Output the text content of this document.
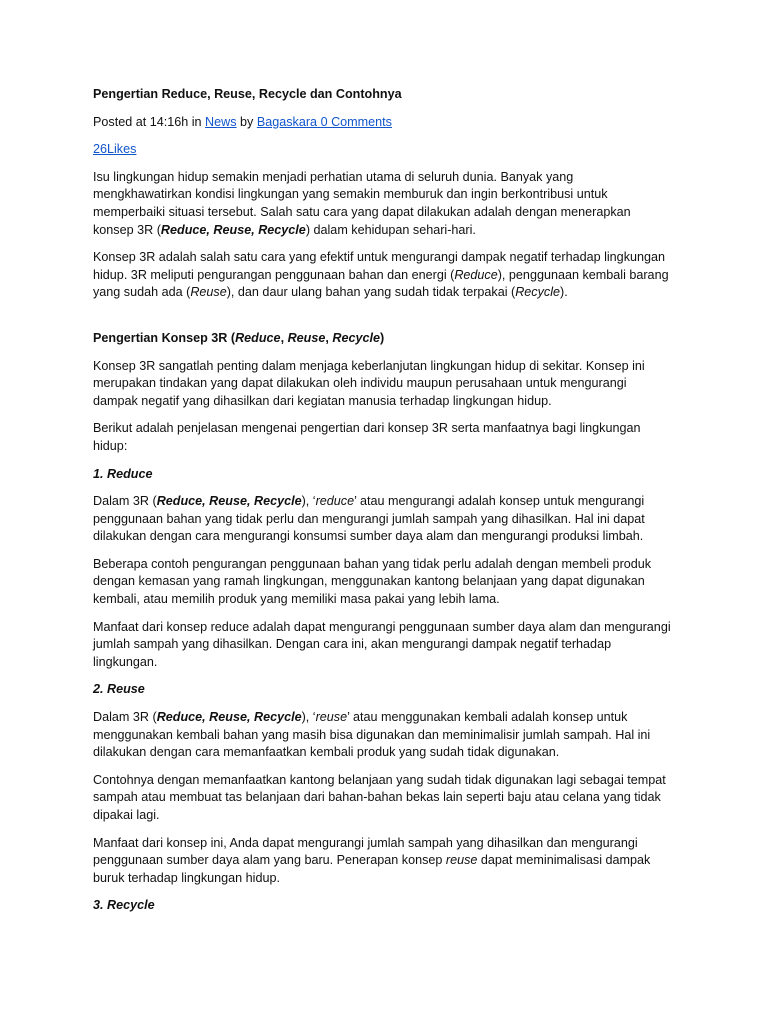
Pengertian Reduce, Reuse, Recycle dan Contohnya

Posted at 14:16h in News by Bagaskara 0 Comments

26Likes

Isu lingkungan hidup semakin menjadi perhatian utama di seluruh dunia. Banyak yang mengkhawatirkan kondisi lingkungan yang semakin memburuk dan ingin berkontribusi untuk memperbaiki situasi tersebut. Salah satu cara yang dapat dilakukan adalah dengan menerapkan konsep 3R (Reduce, Reuse, Recycle) dalam kehidupan sehari-hari.

Konsep 3R adalah salah satu cara yang efektif untuk mengurangi dampak negatif terhadap lingkungan hidup. 3R meliputi pengurangan penggunaan bahan dan energi (Reduce), penggunaan kembali barang yang sudah ada (Reuse), dan daur ulang bahan yang sudah tidak terpakai (Recycle).

Pengertian Konsep 3R (Reduce, Reuse, Recycle)

Konsep 3R sangatlah penting dalam menjaga keberlanjutan lingkungan hidup di sekitar. Konsep ini merupakan tindakan yang dapat dilakukan oleh individu maupun perusahaan untuk mengurangi dampak negatif yang dihasilkan dari kegiatan manusia terhadap lingkungan hidup.

Berikut adalah penjelasan mengenai pengertian dari konsep 3R serta manfaatnya bagi lingkungan hidup:

1. Reduce

Dalam 3R (Reduce, Reuse, Recycle), ‘reduce’ atau mengurangi adalah konsep untuk mengurangi penggunaan bahan yang tidak perlu dan mengurangi jumlah sampah yang dihasilkan. Hal ini dapat dilakukan dengan cara mengurangi konsumsi sumber daya alam dan mengurangi produksi limbah.

Beberapa contoh pengurangan penggunaan bahan yang tidak perlu adalah dengan membeli produk dengan kemasan yang ramah lingkungan, menggunakan kantong belanjaan yang dapat digunakan kembali, atau memilih produk yang memiliki masa pakai yang lebih lama.

Manfaat dari konsep reduce adalah dapat mengurangi penggunaan sumber daya alam dan mengurangi jumlah sampah yang dihasilkan. Dengan cara ini, akan mengurangi dampak negatif terhadap lingkungan.

2. Reuse

Dalam 3R (Reduce, Reuse, Recycle), ‘reuse’ atau menggunakan kembali adalah konsep untuk menggunakan kembali bahan yang masih bisa digunakan dan meminimalisir jumlah sampah. Hal ini dilakukan dengan cara memanfaatkan kembali produk yang sudah tidak digunakan.

Contohnya dengan memanfaatkan kantong belanjaan yang sudah tidak digunakan lagi sebagai tempat sampah atau membuat tas belanjaan dari bahan-bahan bekas lain seperti baju atau celana yang tidak dipakai lagi.

Manfaat dari konsep ini, Anda dapat mengurangi jumlah sampah yang dihasilkan dan mengurangi penggunaan sumber daya alam yang baru. Penerapan konsep reuse dapat meminimalisasi dampak buruk terhadap lingkungan hidup.

3. Recycle
